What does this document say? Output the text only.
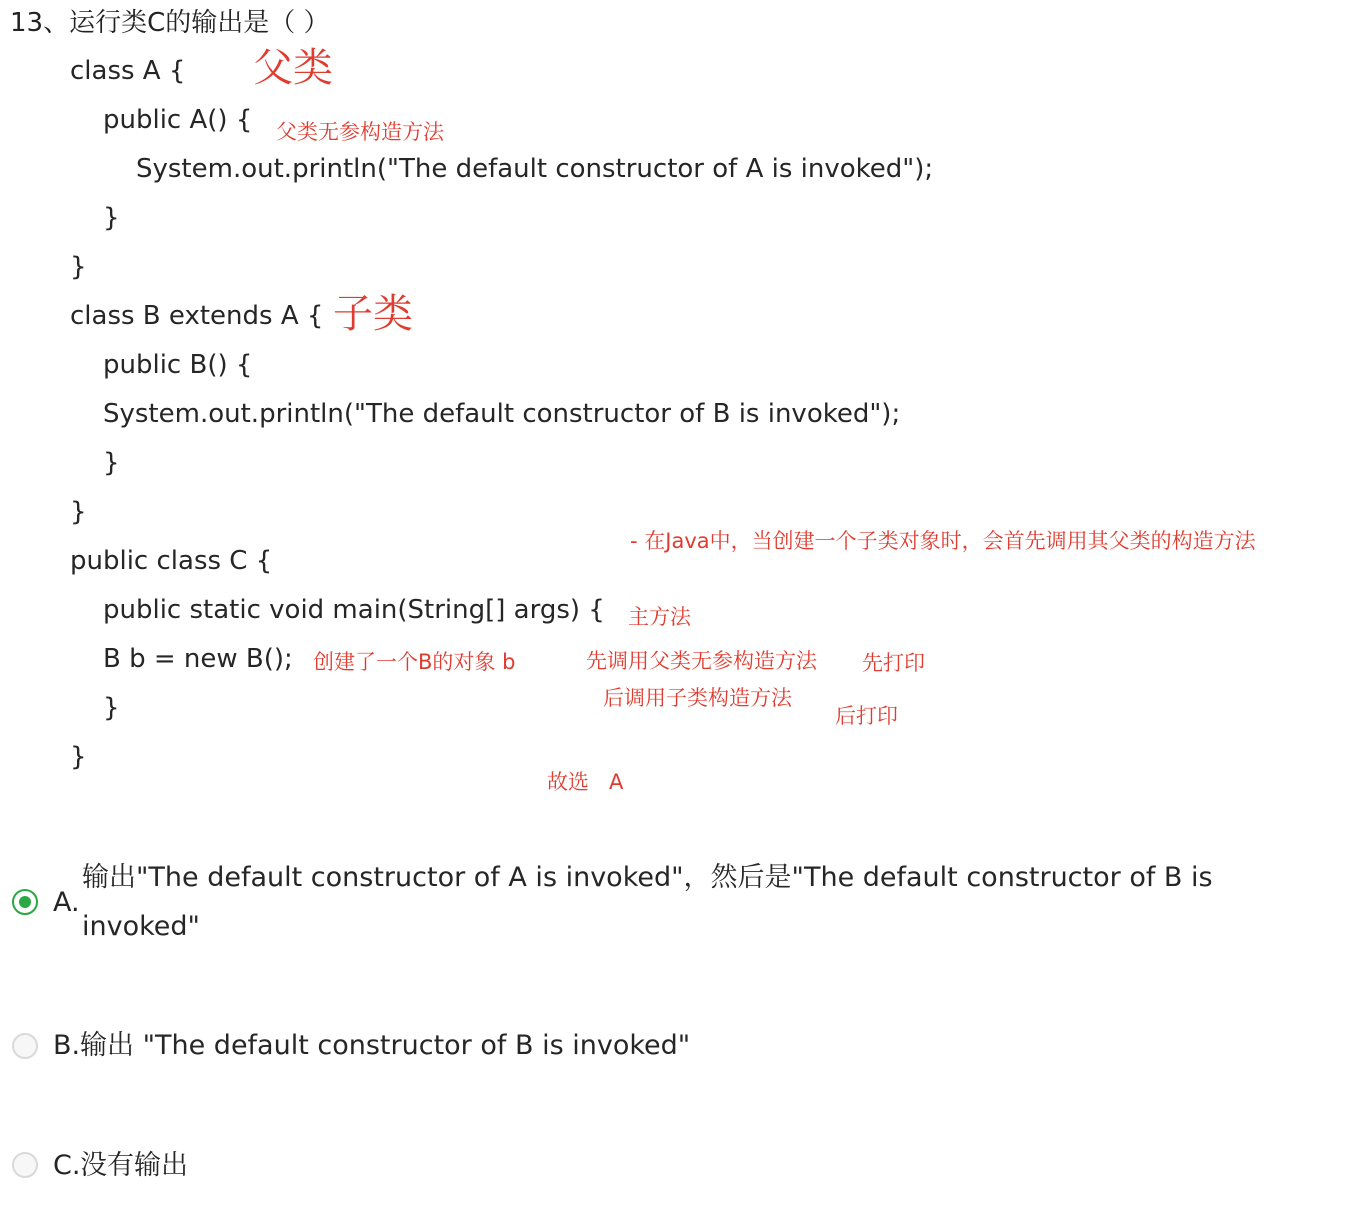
13、运行类C的输出是（ ）
class A {
public A() {
System.out.println("The default constructor of A is invoked");
}
}
class B extends A {
public B() {
System.out.println("The default constructor of B is invoked");
}
}
public class C {
public static void main(String[] args) {
B b = new B();
}
}
父类
父类无参构造方法
子类
- 在Java中，当创建一个子类对象时，会首先调用其父类的构造方法
主方法
创建了一个B的对象 b	先调用父类无参构造方法 先打印
后调用子类构造方法
后打印
故选   A
A.
输出"The default constructor of A is invoked"，然后是"The default constructor of B is
invoked"
B. 输出 "The default constructor of B is invoked"
C. 没有输出
